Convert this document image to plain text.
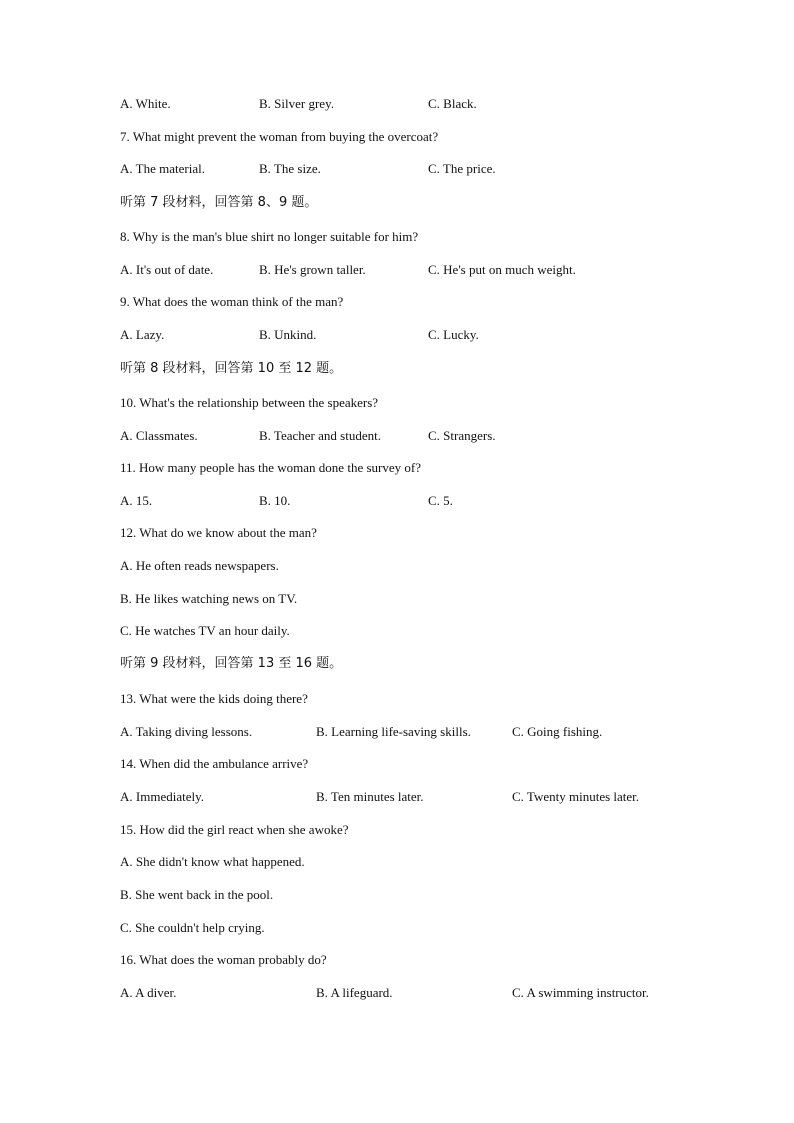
A. White.	B. Silver grey.	C. Black.
7. What might prevent the woman from buying the overcoat?
A. The material.	B. The size.	C. The price.
听第 7 段材料，回答第 8、9 题。
8. Why is the man's blue shirt no longer suitable for him?
A. It's out of date.	B. He's grown taller.	C. He's put on much weight.
9. What does the woman think of the man?
A. Lazy.	B. Unkind.	C. Lucky.
听第 8 段材料，回答第 10 至 12 题。
10. What's the relationship between the speakers?
A. Classmates.	B. Teacher and student.	C. Strangers.
11. How many people has the woman done the survey of?
A. 15.	B. 10.	C. 5.
12. What do we know about the man?
A. He often reads newspapers.
B. He likes watching news on TV.
C. He watches TV an hour daily.
听第 9 段材料，回答第 13 至 16 题。
13. What were the kids doing there?
A. Taking diving lessons.	B. Learning life-saving skills.	C. Going fishing.
14. When did the ambulance arrive?
A. Immediately.	B. Ten minutes later.	C. Twenty minutes later.
15. How did the girl react when she awoke?
A. She didn't know what happened.
B. She went back in the pool.
C. She couldn't help crying.
16. What does the woman probably do?
A. A diver.	B. A lifeguard.	C. A swimming instructor.
